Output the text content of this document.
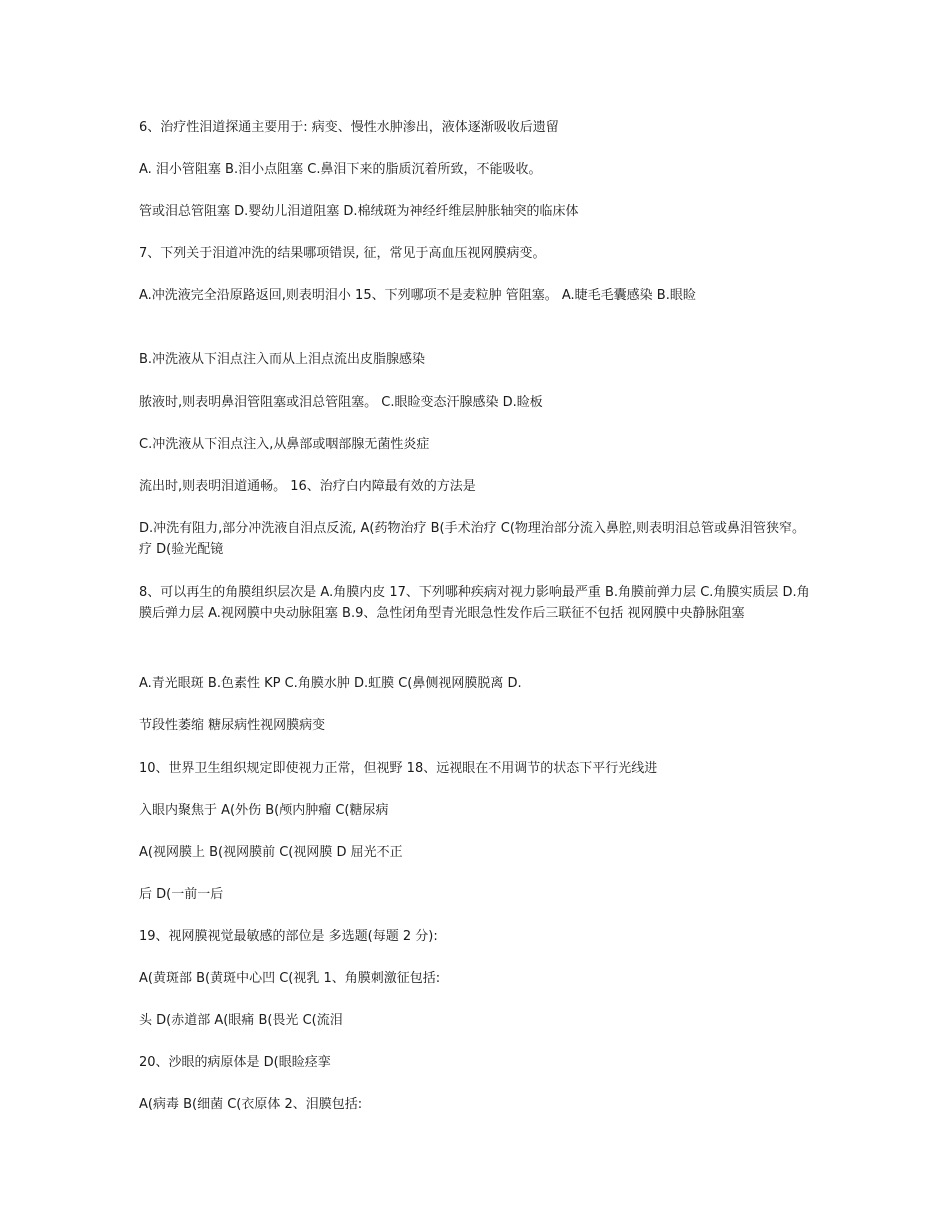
6、治疗性泪道探通主要用于: 病变、慢性水肿渗出，液体逐渐吸收后遗留
A. 泪小管阻塞 B.泪小点阻塞 C.鼻泪下来的脂质沉着所致，不能吸收。
管或泪总管阻塞 D.婴幼儿泪道阻塞 D.棉绒斑为神经纤维层肿胀轴突的临床体
7、下列关于泪道冲洗的结果哪项错误, 征，常见于高血压视网膜病变。
A.冲洗液完全沿原路返回,则表明泪小 15、下列哪项不是麦粒肿 管阻塞。 A.睫毛毛囊感染 B.眼睑
B.冲洗液从下泪点注入而从上泪点流出皮脂腺感染
脓液时,则表明鼻泪管阻塞或泪总管阻塞。 C.眼睑变态汗腺感染 D.睑板
C.冲洗液从下泪点注入,从鼻部或咽部腺无菌性炎症
流出时,则表明泪道通畅。 16、治疗白内障最有效的方法是
D.冲洗有阻力,部分冲洗液自泪点反流, A(药物治疗 B(手术治疗 C(物理治部分流入鼻腔,则表明泪总管或鼻泪管狭窄。 疗 D(验光配镜
8、可以再生的角膜组织层次是 A.角膜内皮 17、下列哪种疾病对视力影响最严重 B.角膜前弹力层 C.角膜实质层 D.角膜后弹力层 A.视网膜中央动脉阻塞 B.9、急性闭角型青光眼急性发作后三联征不包括 视网膜中央静脉阻塞
A.青光眼斑 B.色素性 KP C.角膜水肿 D.虹膜 C(鼻侧视网膜脱离 D.
节段性萎缩 糖尿病性视网膜病变
10、世界卫生组织规定即使视力正常，但视野 18、远视眼在不用调节的状态下平行光线进
入眼内聚焦于 A(外伤 B(颅内肿瘤 C(糖尿病
A(视网膜上 B(视网膜前 C(视网膜 D 屈光不正
后 D(一前一后
19、视网膜视觉最敏感的部位是 多选题(每题 2 分):
A(黄斑部 B(黄斑中心凹 C(视乳 1、角膜刺激征包括:
头 D(赤道部 A(眼痛 B(畏光 C(流泪
20、沙眼的病原体是 D(眼睑痉挛
A(病毒 B(细菌 C(衣原体 2、泪膜包括:
